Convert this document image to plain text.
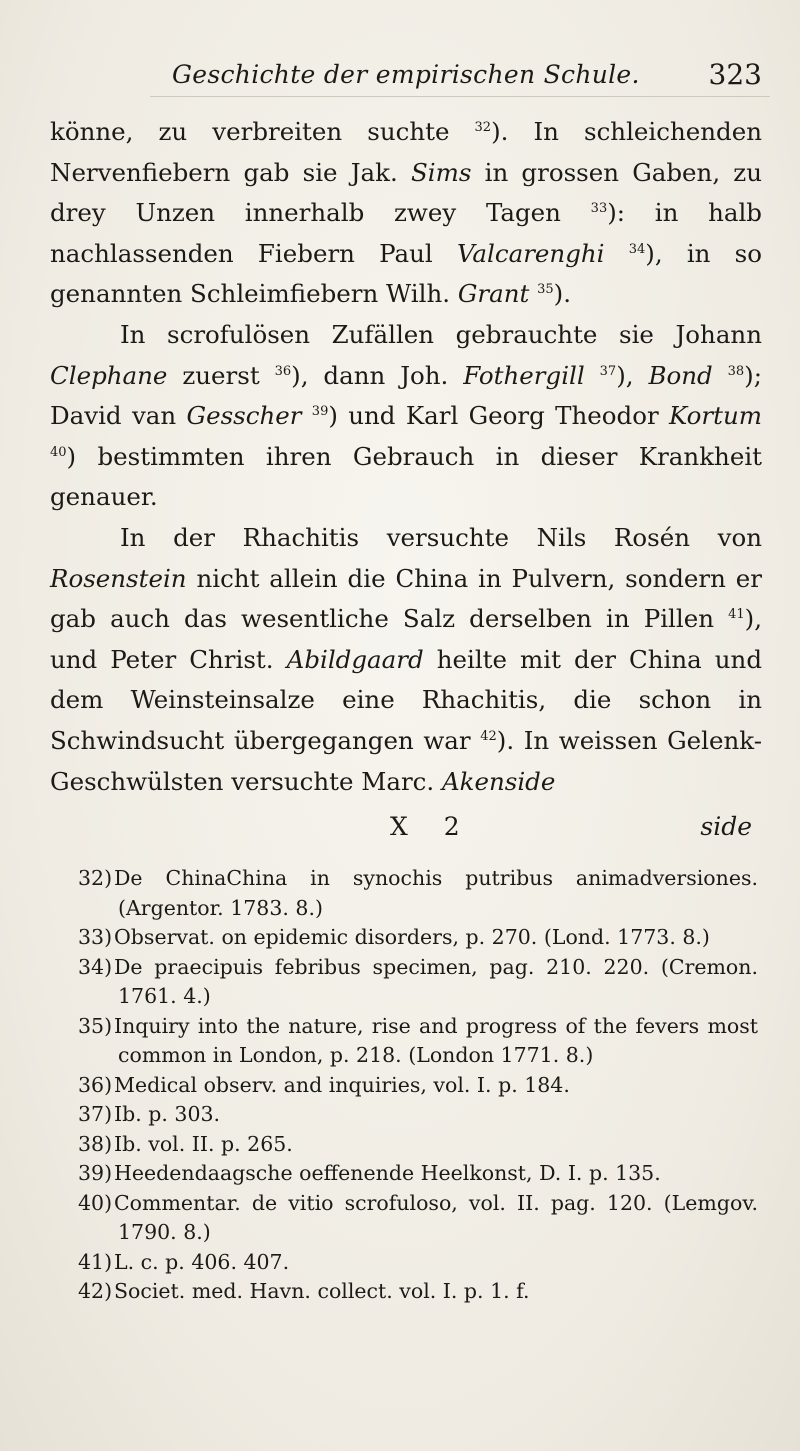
Geschichte der empirischen Schule. 323

könne, zu verbreiten suchte $^{32}$). In schleichenden Nervenfiebern gab sie Jak. Sims in grossen Gaben, zu drey Unzen innerhalb zwey Tagen $^{33}$): in halb nachlassenden Fiebern Paul Valcarenghi $^{34}$), in so genannten Schleimfiebern Wilh. Grant $^{35}$).

In scrofulösen Zufällen gebrauchte sie Johann Clephane zuerst $^{36}$), dann Joh. Fothergill $^{37}$), Bond $^{38}$); David van Gesscher $^{39}$) und Karl Georg Theodor Kortum $^{40}$) bestimmten ihren Gebrauch in dieser Krankheit genauer.

In der Rhachitis versuchte Nils Rosén von Rosenstein nicht allein die China in Pulvern, sondern er gab auch das wesentliche Salz derselben in Pillen $^{41}$), und Peter Christ. Abildgaard heilte mit der China und dem Weinsteinsalze eine Rhachitis, die schon in Schwindsucht übergegangen war $^{42}$). In weissen Gelenk-Geschwülsten versuchte Marc. Akenside

X 2	side

32)De ChinaChina in synochis putribus animadversiones. (Argentor. 1783. 8.)

33)Observat. on epidemic disorders, p. 270. (Lond. 1773. 8.)

34)De praecipuis febribus specimen, pag. 210. 220. (Cremon. 1761. 4.)

35)Inquiry into the nature, rise and progress of the fevers most common in London, p. 218. (London 1771. 8.)

36)Medical observ. and inquiries, vol. I. p. 184.

37)Ib. p. 303.

38)Ib. vol. II. p. 265.

39)Heedendaagsche oeffenende Heelkonst, D. I. p. 135.

40)Commentar. de vitio scrofuloso, vol. II. pag. 120. (Lemgov. 1790. 8.)

41)L. c. p. 406. 407.

42)Societ. med. Havn. collect. vol. I. p. 1. f.
